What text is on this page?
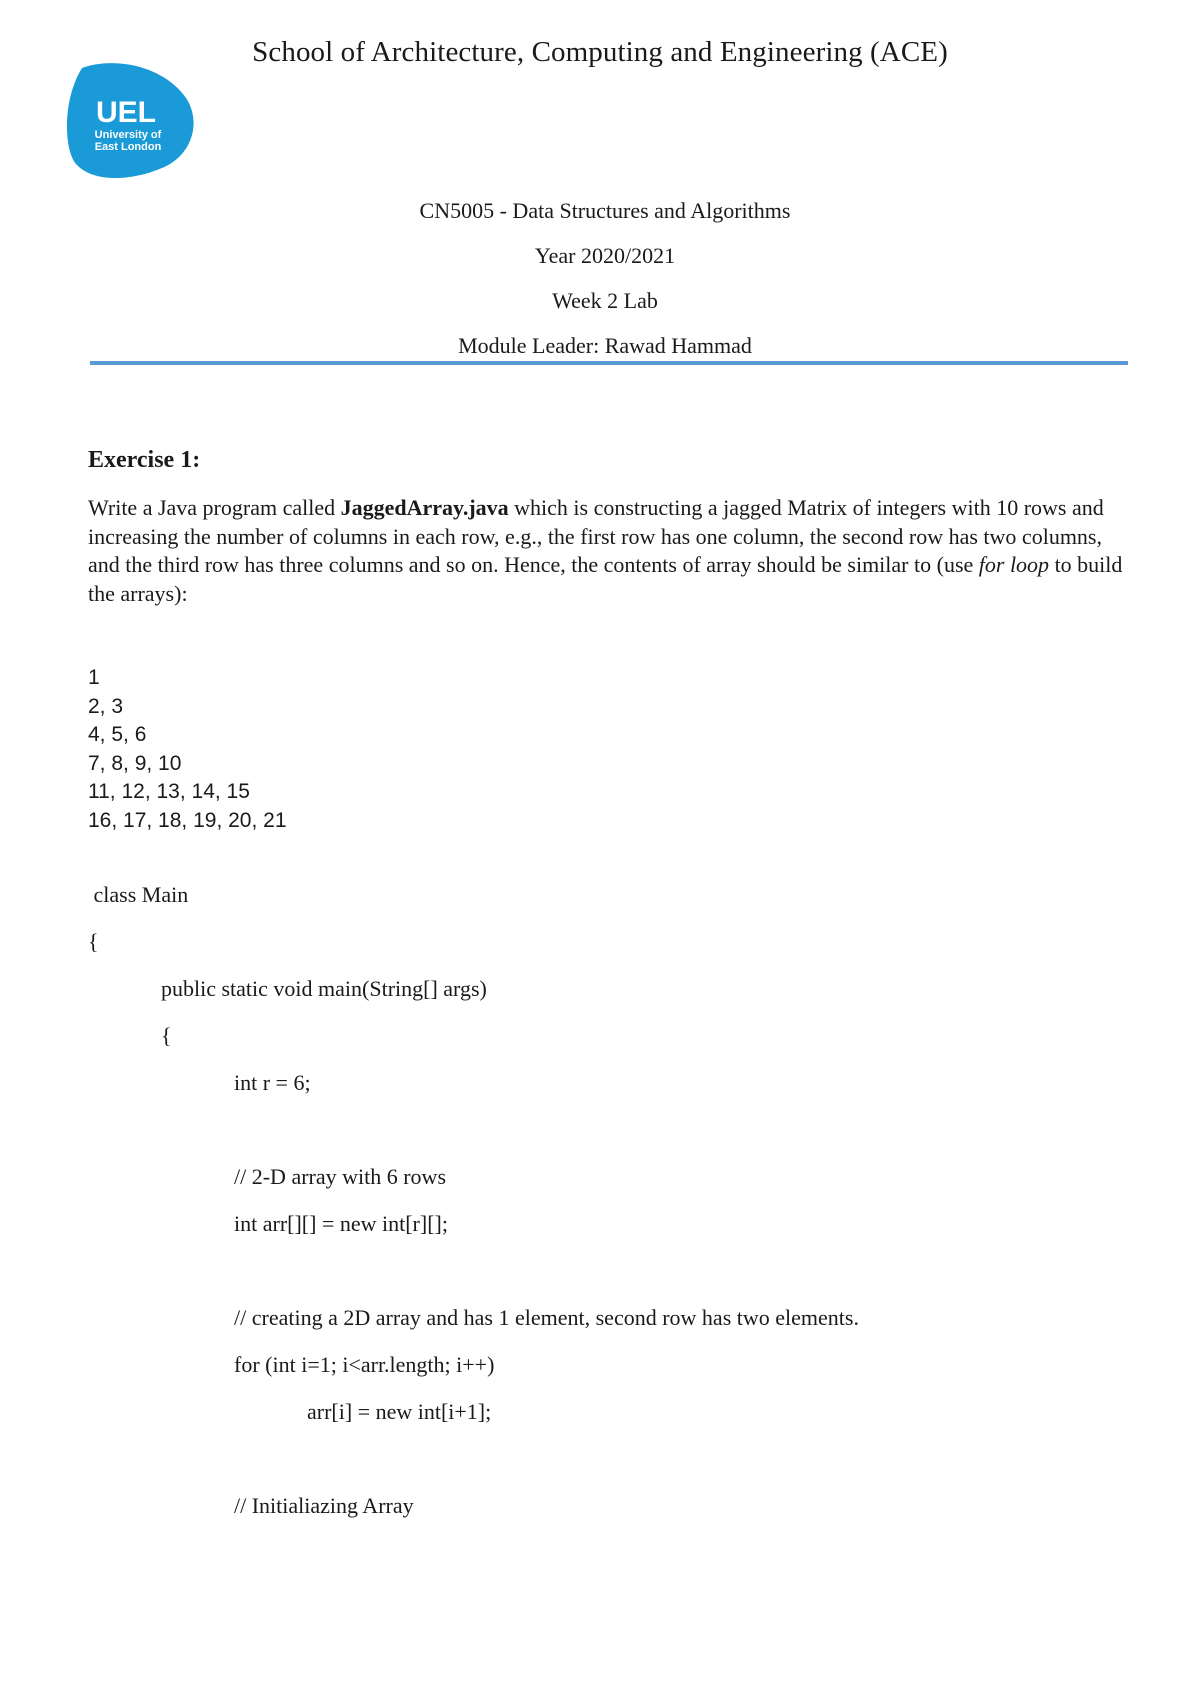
School of Architecture, Computing and Engineering (ACE)
UEL
University of
East London
CN5005 - Data Structures and Algorithms
Year 2020/2021
Week 2 Lab
Module Leader: Rawad Hammad
Exercise 1:
Write a Java program called JaggedArray.java which is constructing a jagged Matrix of integers with 10 rows and increasing the number of columns in each row, e.g., the first row has one column, the second row has two columns, and the third row has three columns and so on. Hence, the contents of array should be similar to (use for loop to build the arrays):
1
2, 3
4, 5, 6
7, 8, 9, 10
11, 12, 13, 14, 15
16, 17, 18, 19, 20, 21
class Main
{
public static void main(String[] args)
{
int r = 6;
// 2-D array with 6 rows
int arr[][] = new int[r][];
// creating a 2D array and has 1 element, second row has two elements.
for (int i=1; i<arr.length; i++)
arr[i] = new int[i+1];
// Initialiazing Array
